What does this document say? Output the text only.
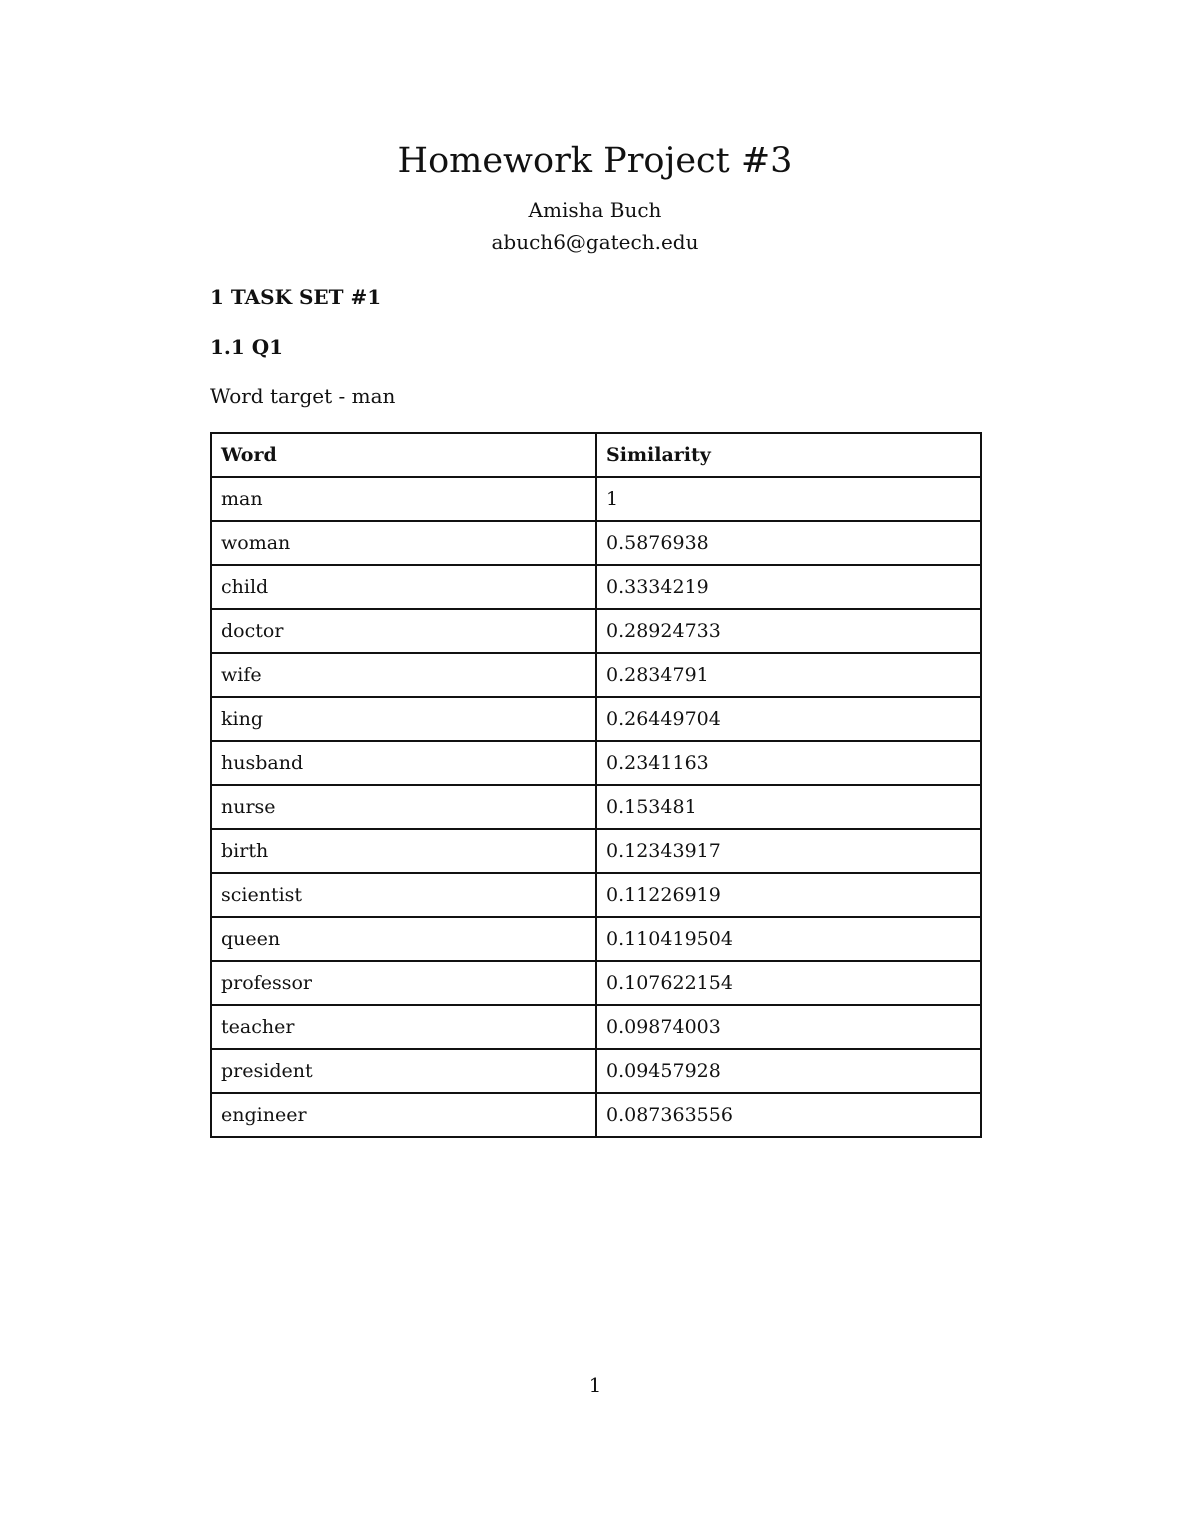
Homework Project #3
Amisha Buch
abuch6@gatech.edu
1 TASK SET #1
1.1 Q1
Word target - man
Word	Similarity
man	1
woman	0.5876938
child	0.3334219
doctor	0.28924733
wife	0.2834791
king	0.26449704
husband	0.2341163
nurse	0.153481
birth	0.12343917
scientist	0.11226919
queen	0.110419504
professor	0.107622154
teacher	0.09874003
president	0.09457928
engineer	0.087363556
1
